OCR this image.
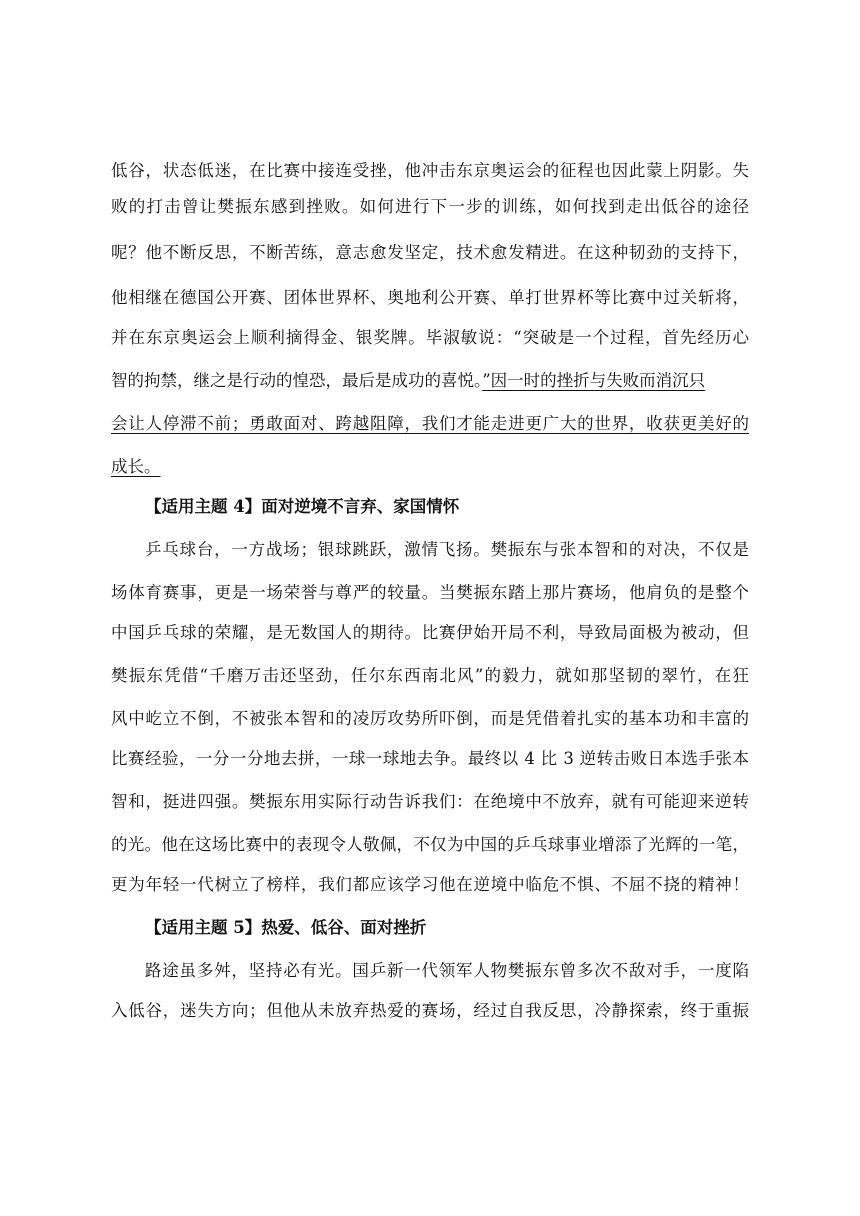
低谷，状态低迷，在比赛中接连受挫，他冲击东京奥运会的征程也因此蒙上阴影。失
败的打击曾让樊振东感到挫败。如何进行下一步的训练，如何找到走出低谷的途径
呢？他不断反思，不断苦练，意志愈发坚定，技术愈发精进。在这种韧劲的支持下，
他相继在德国公开赛、团体世界杯、奥地利公开赛、单打世界杯等比赛中过关斩将，
并在东京奥运会上顺利摘得金、银奖牌。毕淑敏说：“突破是一个过程，首先经历心
智的拘禁，继之是行动的惶恐，最后是成功的喜悦。”因一时的挫折与失败而消沉只
会让人停滞不前；勇敢面对、跨越阻障，我们才能走进更广大的世界，收获更美好的
成长。
【适用主题 4】面对逆境不言弃、家国情怀
乒乓球台，一方战场；银球跳跃，激情飞扬。樊振东与张本智和的对决，不仅是
场体育赛事，更是一场荣誉与尊严的较量。当樊振东踏上那片赛场，他肩负的是整个
中国乒乓球的荣耀，是无数国人的期待。比赛伊始开局不利，导致局面极为被动，但
樊振东凭借“千磨万击还坚劲，任尔东西南北风”的毅力，就如那坚韧的翠竹，在狂
风中屹立不倒，不被张本智和的凌厉攻势所吓倒，而是凭借着扎实的基本功和丰富的
比赛经验，一分一分地去拼，一球一球地去争。最终以 4 比 3 逆转击败日本选手张本
智和，挺进四强。樊振东用实际行动告诉我们：在绝境中不放弃，就有可能迎来逆转
的光。他在这场比赛中的表现令人敬佩，不仅为中国的乒乓球事业增添了光辉的一笔，
更为年轻一代树立了榜样，我们都应该学习他在逆境中临危不惧、不屈不挠的精神！
【适用主题 5】热爱、低谷、面对挫折
路途虽多舛，坚持必有光。国乒新一代领军人物樊振东曾多次不敌对手，一度陷
入低谷，迷失方向；但他从未放弃热爱的赛场，经过自我反思，冷静探索，终于重振
